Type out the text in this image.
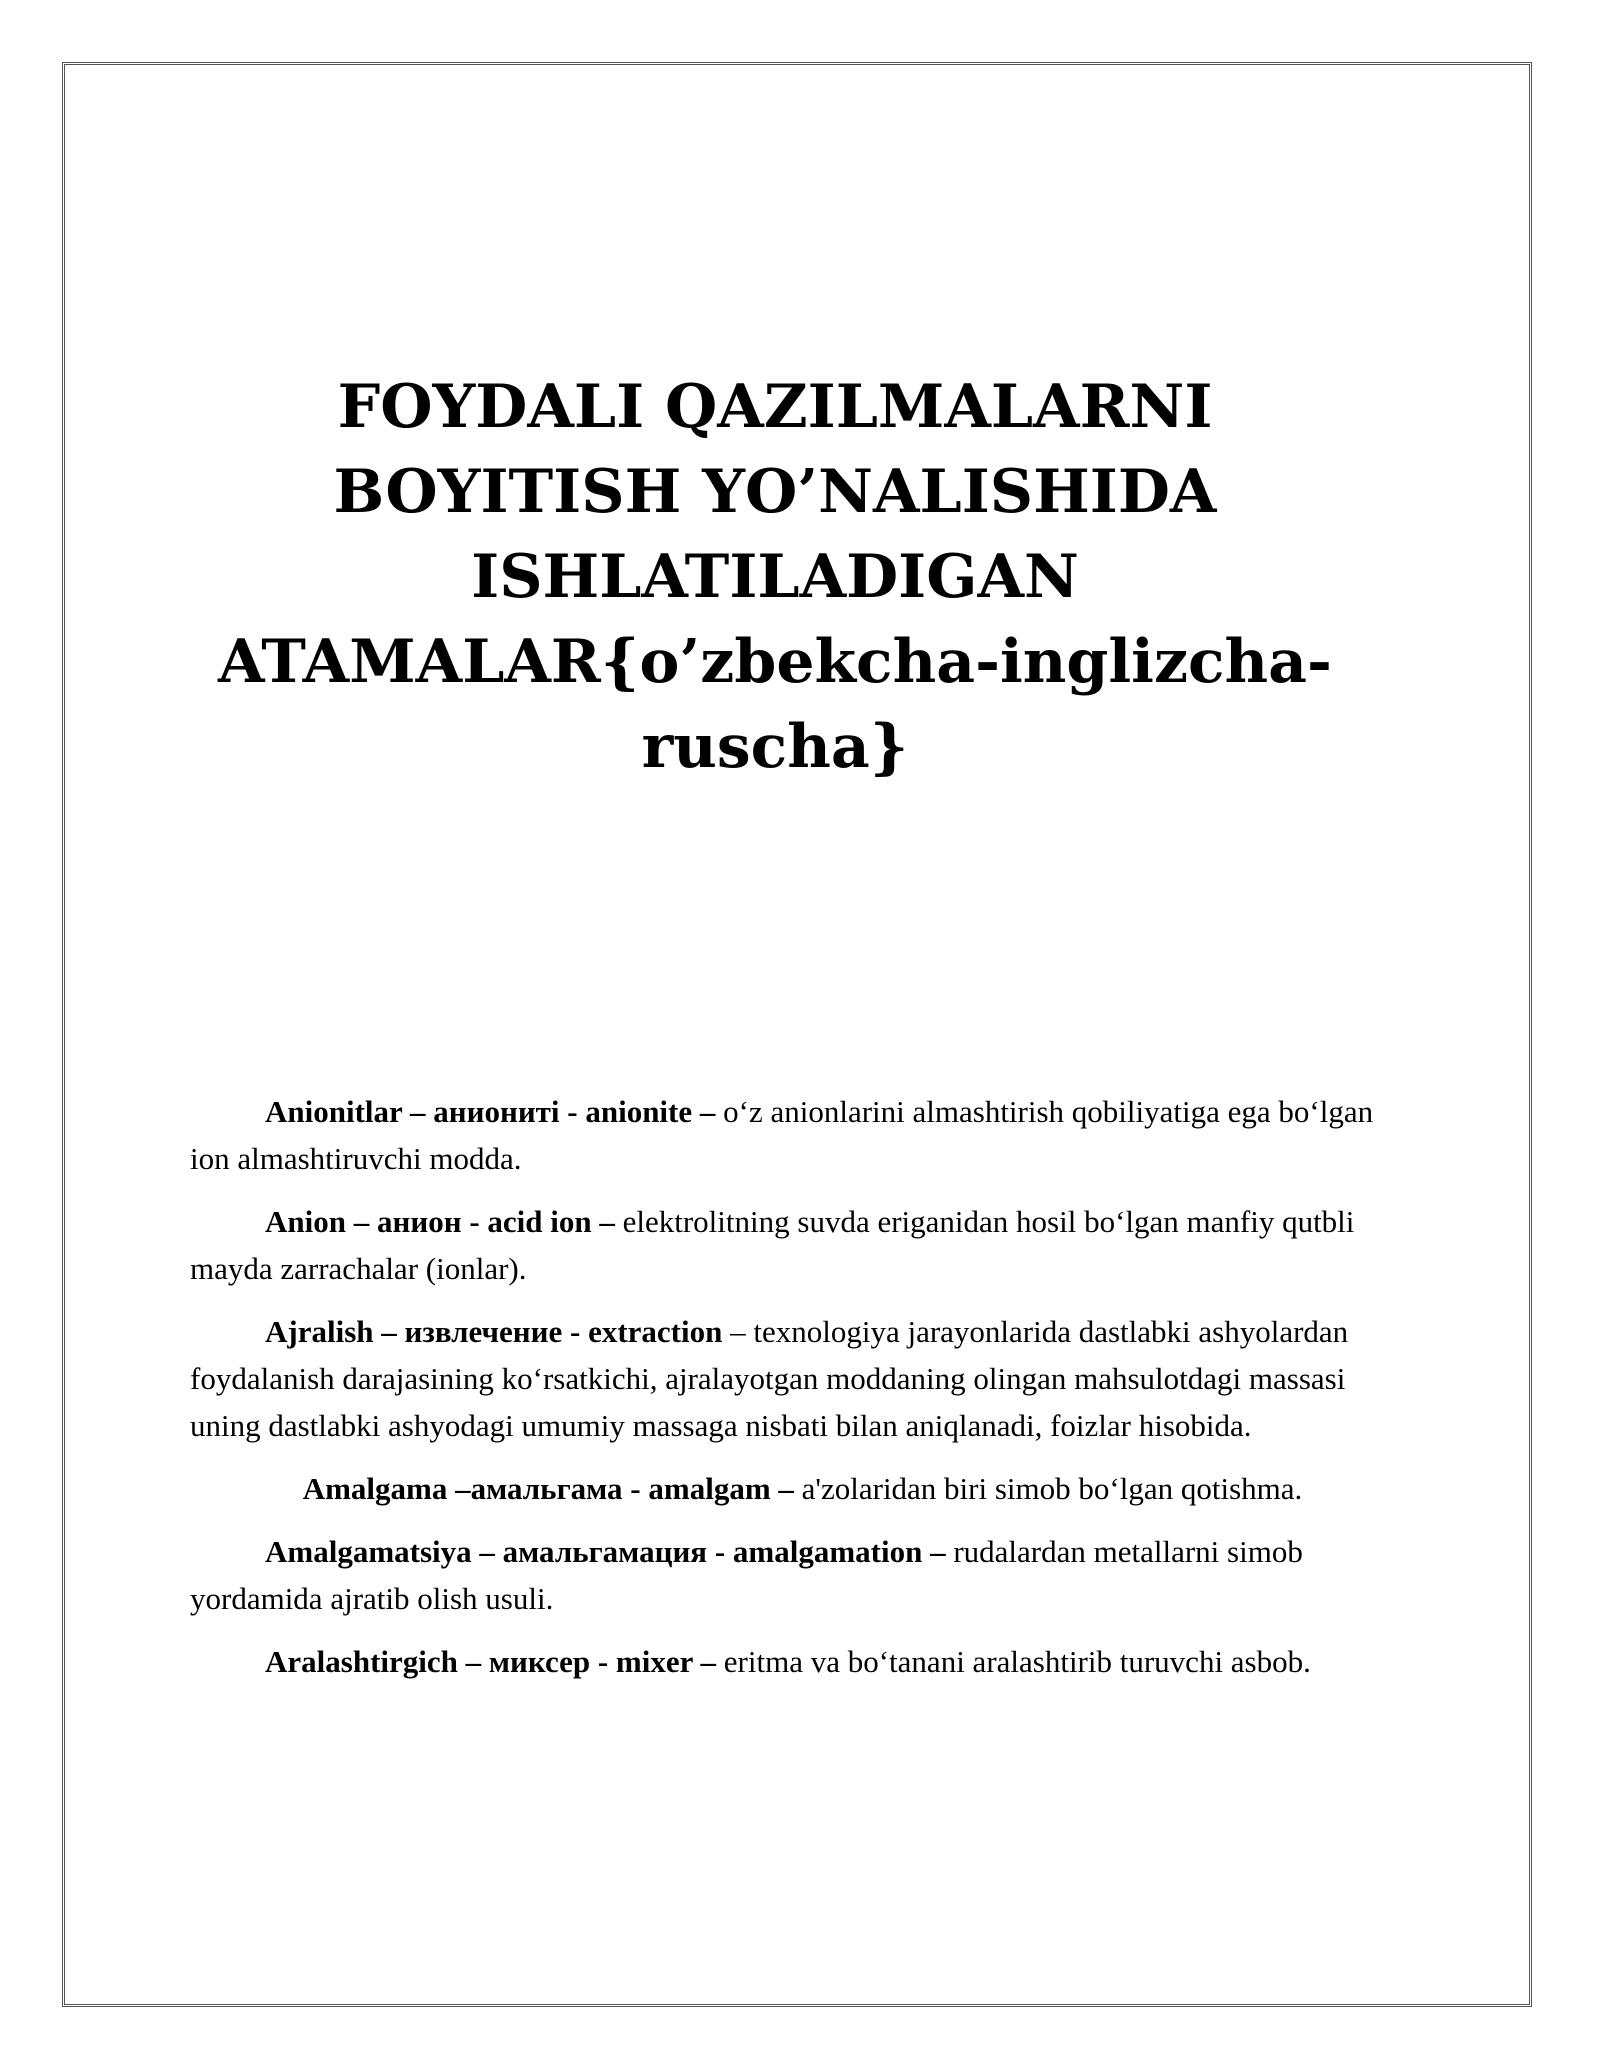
FOYDALI QAZILMALARNI
BOYITISH YO’NALISHIDA
ISHLATILADIGAN
ATAMALAR{o’zbekcha-inglizcha-
ruscha}

Anionitlar – аниониті - anionite – o‘z anionlarini almashtirish qobiliyatiga ega bo‘lgan ion almashtiruvchi modda.

Anion – анион - acid ion – elektrolitning suvda eriganidan hosil bo‘lgan manfiy qutbli mayda zarrachalar (ionlar).

Ajralish – извлечение - extraction – texnologiya jarayonlarida dastlabki ashyolardan foydalanish darajasining ko‘rsatkichi, ajralayotgan moddaning olingan mahsulotdagi massasi uning dastlabki ashyodagi umumiy massaga nisbati bilan aniqlanadi, foizlar hisobida.

Amalgama –амальгама - amalgam – a'zolaridan biri simob bo‘lgan qotishma.

Amalgamatsiya – амальгамация - amalgamation – rudalardan metallarni simob yordamida ajratib olish usuli.

Aralashtirgich – миксер - mixer – eritma va bo‘tanani aralashtirib turuvchi asbob.
